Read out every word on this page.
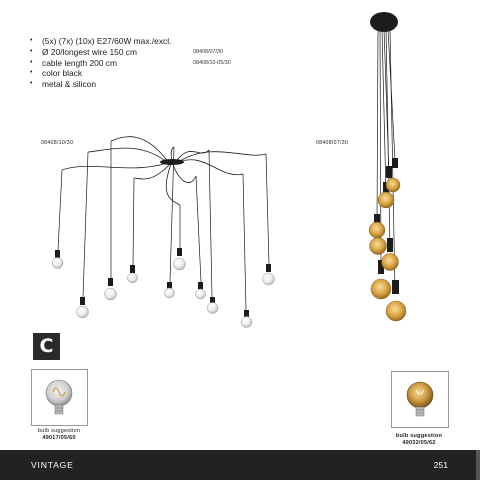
• (5x) (7x) (10x) E27/60W max./excl.
• Ø 20/longest wire 150 cm	08408/07/30
• cable length 200 cm	08408/10-05/30
• color black
• metal & silicon
08408/10/30	08408/07/30
C
bulb suggestion
49017/05/60	bulb suggestion
49032/05/62
VINTAGE	251
